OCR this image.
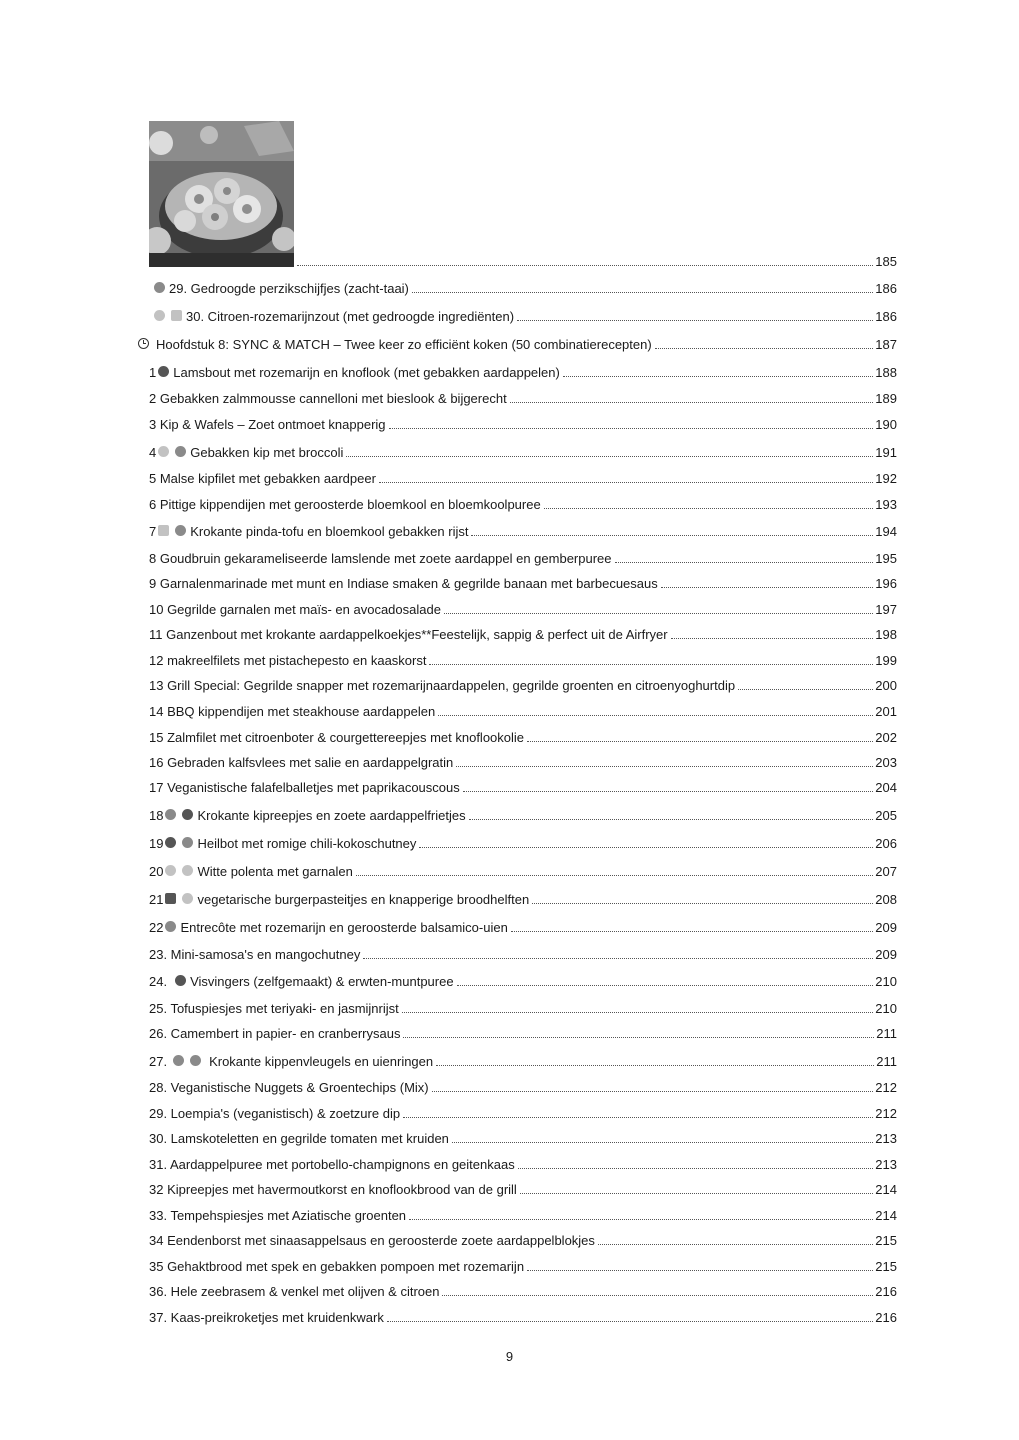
185
29. Gedroogde perzikschijfjes (zacht-taai)	186
30. Citroen-rozemarijnzout (met gedroogde ingrediënten)	186
Hoofdstuk 8: SYNC & MATCH – Twee keer zo efficiënt koken (50 combinatierecepten)	187
1 Lamsbout met rozemarijn en knoflook (met gebakken aardappelen)	188
2 Gebakken zalmmousse cannelloni met bieslook & bijgerecht	189
3 Kip & Wafels – Zoet ontmoet knapperig	190
4	Gebakken kip met broccoli	191
5 Malse kipfilet met gebakken aardpeer	192
6 Pittige kippendijen met geroosterde bloemkool en bloemkoolpuree	193
7	Krokante pinda-tofu en bloemkool gebakken rijst	194
8 Goudbruin gekarameliseerde lamslende met zoete aardappel en gemberpuree	195
9 Garnalenmarinade met munt en Indiase smaken & gegrilde banaan met barbecuesaus	196
10 Gegrilde garnalen met maïs- en avocadosalade	197
11 Ganzenbout met krokante aardappelkoekjes**Feestelijk, sappig & perfect uit de Airfryer	198
12 makreelfilets met pistachepesto en kaaskorst	199
13 Grill Special: Gegrilde snapper met rozemarijnaardappelen, gegrilde groenten en citroenyoghurtdip	200
14 BBQ kippendijen met steakhouse aardappelen	201
15 Zalmfilet met citroenboter & courgettereepjes met knoflookolie	202
16 Gebraden kalfsvlees met salie en aardappelgratin	203
17 Veganistische falafelballetjes met paprikacouscous	204
18	Krokante kipreepjes en zoete aardappelfrietjes	205
19	Heilbot met romige chili-kokoschutney	206
20	Witte polenta met garnalen	207
21	vegetarische burgerpasteitjes en knapperige broodhelften	208
22 Entrecôte met rozemarijn en geroosterde balsamico-uien	209
23. Mini-samosa's en mangochutney	209
24. Visvingers (zelfgemaakt) & erwten-muntpuree	210
25. Tofuspiesjes met teriyaki- en jasmijnrijst	210
26. Camembert in papier- en cranberrysaus	211
27.	Krokante kippenvleugels en uienringen	211
28. Veganistische Nuggets & Groentechips (Mix)	212
29. Loempia's (veganistisch) & zoetzure dip	212
30. Lamskoteletten en gegrilde tomaten met kruiden	213
31. Aardappelpuree met portobello-champignons en geitenkaas	213
32 Kipreepjes met havermoutkorst en knoflookbrood van de grill	214
33. Tempehspiesjes met Aziatische groenten	214
34 Eendenborst met sinaasappelsaus en geroosterde zoete aardappelblokjes	215
35 Gehaktbrood met spek en gebakken pompoen met rozemarijn	215
36. Hele zeebrasem & venkel met olijven & citroen	216
37. Kaas-preikroketjes met kruidenkwark	216
9
